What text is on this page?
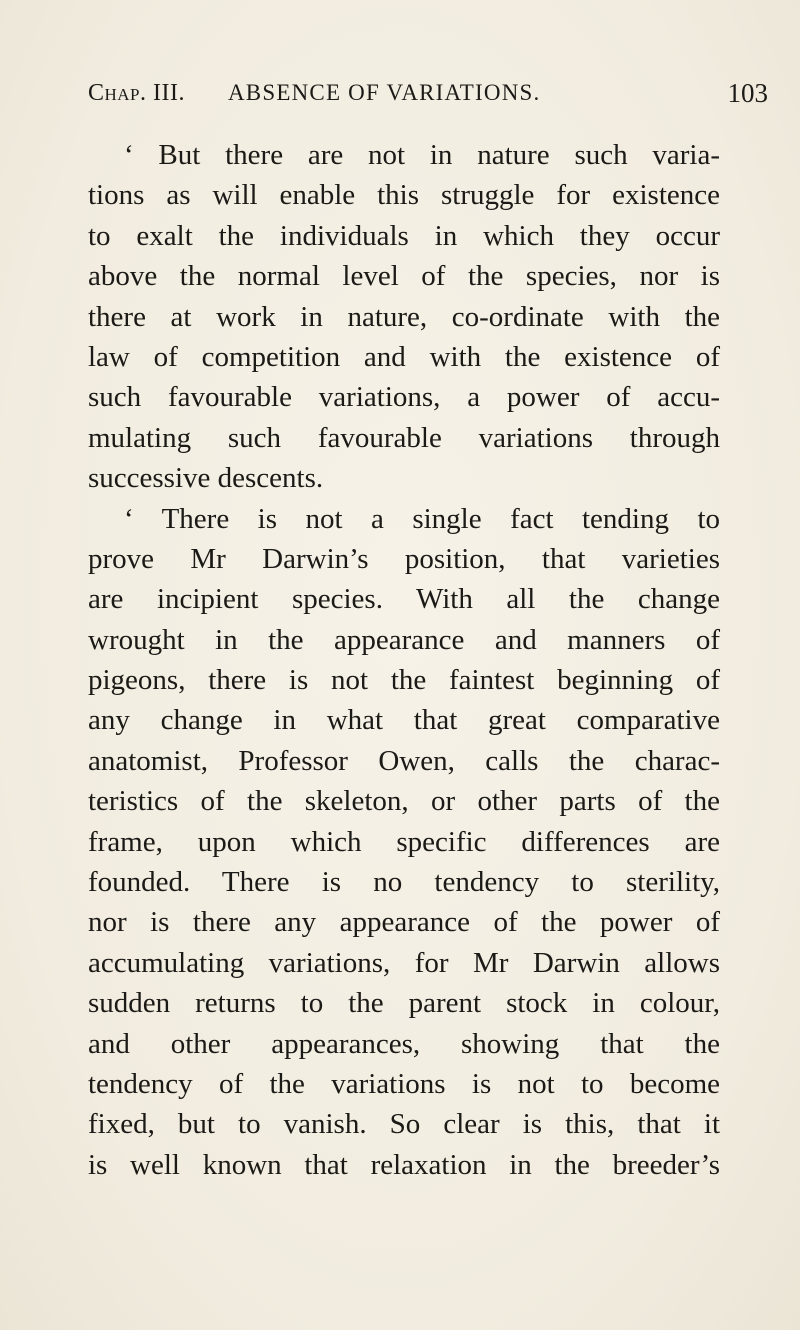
Chap. III. ABSENCE OF VARIATIONS.	103
‘ But there are not in nature such varia-
tions as will enable this struggle for existence
to exalt the individuals in which they occur
above the normal level of the species, nor is
there at work in nature, co-ordinate with the
law of competition and with the existence of
such favourable variations, a power of accu-
mulating such favourable variations through
successive descents.
‘ There is not a single fact tending to
prove Mr Darwin’s position, that varieties
are incipient species. With all the change
wrought in the appearance and manners of
pigeons, there is not the faintest beginning of
any change in what that great comparative
anatomist, Professor Owen, calls the charac-
teristics of the skeleton, or other parts of the
frame, upon which specific differences are
founded. There is no tendency to sterility,
nor is there any appearance of the power of
accumulating variations, for Mr Darwin allows
sudden returns to the parent stock in colour,
and other appearances, showing that the
tendency of the variations is not to become
fixed, but to vanish. So clear is this, that it
is well known that relaxation in the breeder’s
